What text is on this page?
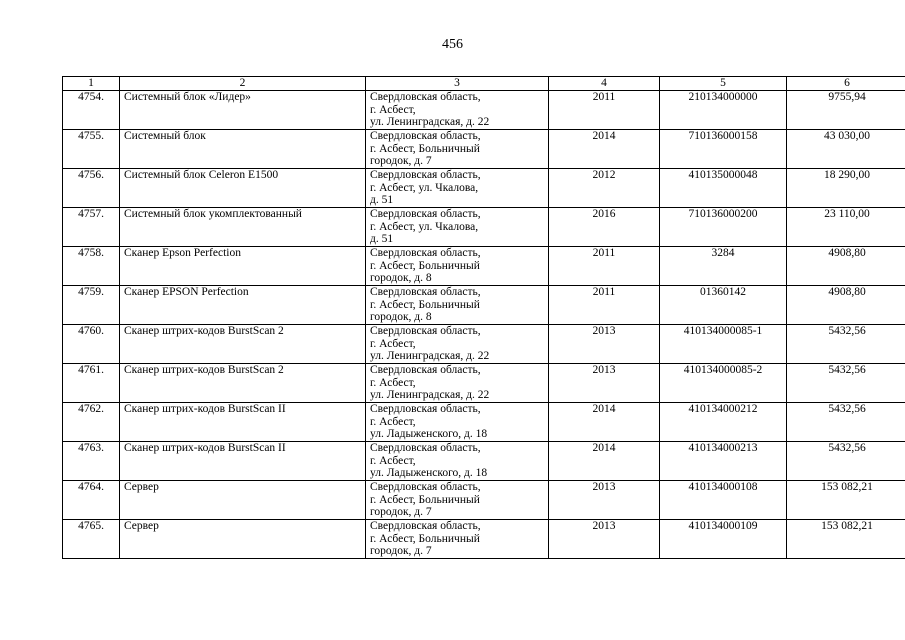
456
1	2	3	4	5	6
4754.	Системный блок «Лидер»	Свердловская область,
г. Асбест,
ул. Ленинградская, д. 22	2011	210134000000	9755,94
4755.	Системный блок	Свердловская область,
г. Асбест, Больничный
городок, д. 7	2014	710136000158	43 030,00
4756.	Системный блок Celeron E1500	Свердловская область,
г. Асбест, ул. Чкалова,
д. 51	2012	410135000048	18 290,00
4757.	Системный блок укомплектованный	Свердловская область,
г. Асбест, ул. Чкалова,
д. 51	2016	710136000200	23 110,00
4758.	Сканер Epson Perfection	Свердловская область,
г. Асбест, Больничный
городок, д. 8	2011	3284	4908,80
4759.	Сканер EPSON Perfection	Свердловская область,
г. Асбест, Больничный
городок, д. 8	2011	01360142	4908,80
4760.	Сканер штрих-кодов BurstScan 2	Свердловская область,
г. Асбест,
ул. Ленинградская, д. 22	2013	410134000085-1	5432,56
4761.	Сканер штрих-кодов BurstScan 2	Свердловская область,
г. Асбест,
ул. Ленинградская, д. 22	2013	410134000085-2	5432,56
4762.	Сканер штрих-кодов BurstScan II	Свердловская область,
г. Асбест,
ул. Ладыженского, д. 18	2014	410134000212	5432,56
4763.	Сканер штрих-кодов BurstScan II	Свердловская область,
г. Асбест,
ул. Ладыженского, д. 18	2014	410134000213	5432,56
4764.	Сервер	Свердловская область,
г. Асбест, Больничный
городок, д. 7	2013	410134000108	153 082,21
4765.	Сервер	Свердловская область,
г. Асбест, Больничный
городок, д. 7	2013	410134000109	153 082,21
